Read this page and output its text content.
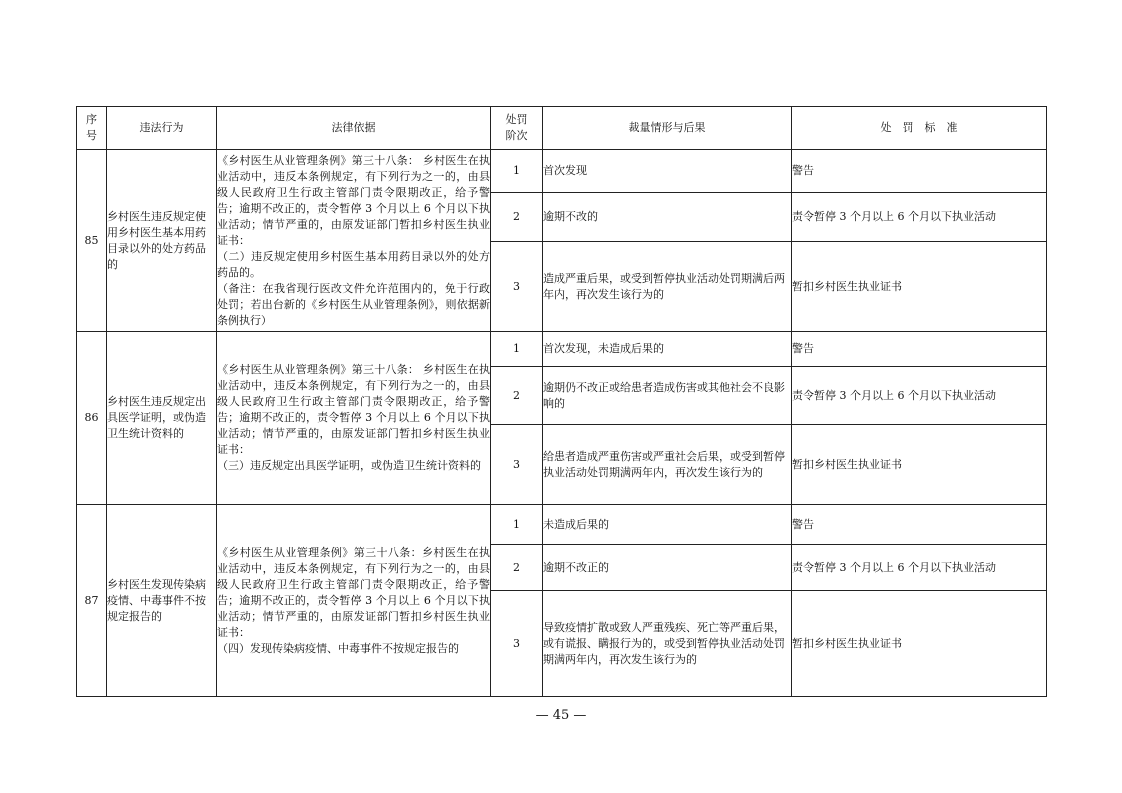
序
号	违法行为	法律依据	处罚
阶次	裁量情形与后果	处　罚　标　准
85	乡村医生违反规定使用乡村医生基本用药目录以外的处方药品的	《乡村医生从业管理条例》第三十八条： 乡村医生在执业活动中，违反本条例规定，有下列行为之一的，由县级人民政府卫生行政主管部门责令限期改正，给予警告；逾期不改正的，责令暂停 3 个月以上 6 个月以下执业活动；情节严重的，由原发证部门暂扣乡村医生执业证书：

（二）违反规定使用乡村医生基本用药目录以外的处方药品的。

（备注：在我省现行医改文件允许范围内的，免于行政处罚；若出台新的《乡村医生从业管理条例》，则依据新条例执行）	1	首次发现	警告
			2	逾期不改的	责令暂停 3 个月以上 6 个月以下执业活动
			3	造成严重后果，或受到暂停执业活动处罚期满后两年内，再次发生该行为的	暂扣乡村医生执业证书
86	乡村医生违反规定出具医学证明，或伪造卫生统计资料的	《乡村医生从业管理条例》第三十八条： 乡村医生在执业活动中，违反本条例规定，有下列行为之一的，由县级人民政府卫生行政主管部门责令限期改正，给予警告；逾期不改正的，责令暂停 3 个月以上 6 个月以下执业活动；情节严重的，由原发证部门暂扣乡村医生执业证书：

（三）违反规定出具医学证明，或伪造卫生统计资料的	1	首次发现，未造成后果的	警告
			2	逾期仍不改正或给患者造成伤害或其他社会不良影响的	责令暂停 3 个月以上 6 个月以下执业活动
			3	给患者造成严重伤害或严重社会后果，或受到暂停执业活动处罚期满两年内，再次发生该行为的	暂扣乡村医生执业证书
87	乡村医生发现传染病疫情、中毒事件不按规定报告的	《乡村医生从业管理条例》第三十八条：乡村医生在执业活动中，违反本条例规定，有下列行为之一的，由县级人民政府卫生行政主管部门责令限期改正，给予警告；逾期不改正的，责令暂停 3 个月以上 6 个月以下执业活动；情节严重的，由原发证部门暂扣乡村医生执业证书：

（四）发现传染病疫情、中毒事件不按规定报告的	1	未造成后果的	警告
			2	逾期不改正的	责令暂停 3 个月以上 6 个月以下执业活动
			3	导致疫情扩散或致人严重残疾、死亡等严重后果，或有谎报、瞒报行为的，或受到暂停执业活动处罚期满两年内，再次发生该行为的	暂扣乡村医生执业证书
— 45 —
